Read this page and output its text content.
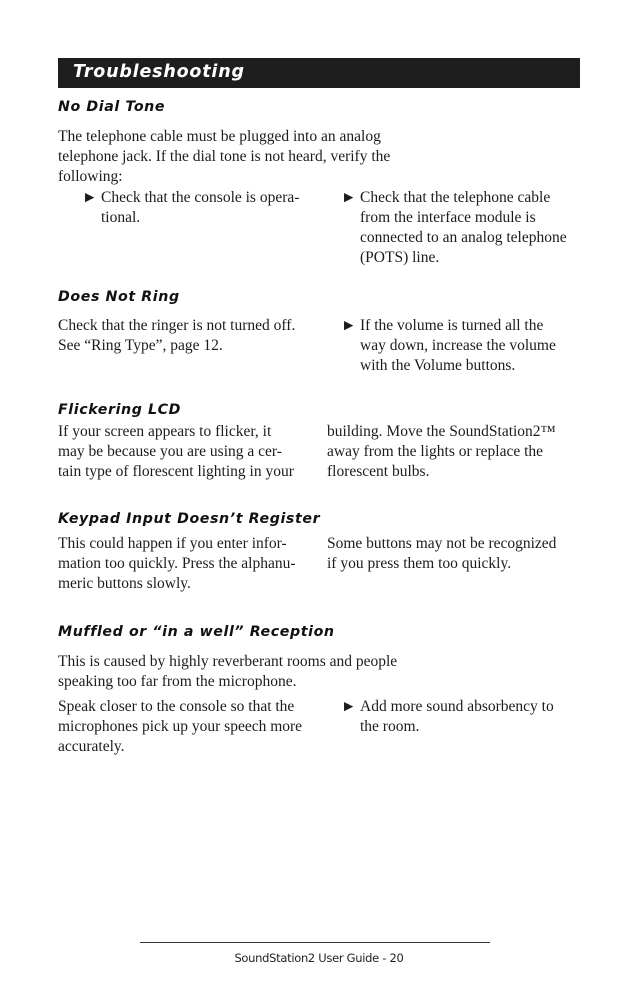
Troubleshooting
No Dial Tone
The telephone cable must be plugged into an analog
telephone jack. If the dial tone is not heard, verify the
following:
► Check that the console is opera-
tional.
► Check that the telephone cable
from the interface module is
connected to an analog telephone
(POTS) line.
Does Not Ring
Check that the ringer is not turned off.
See “Ring Type”, page 12.
► If the volume is turned all the
way down, increase the volume
with the Volume buttons.
Flickering LCD
If your screen appears to flicker, it
may be because you are using a cer-
tain type of florescent lighting in your
building. Move the SoundStation2™
away from the lights or replace the
florescent bulbs.
Keypad Input Doesn’t Register
This could happen if you enter infor-
mation too quickly. Press the alphanu-
meric buttons slowly.
Some buttons may not be recognized
if you press them too quickly.
Muffled or “in a well” Reception
This is caused by highly reverberant rooms and people
speaking too far from the microphone.
Speak closer to the console so that the
microphones pick up your speech more
accurately.
► Add more sound absorbency to
the room.
SoundStation2 User Guide - 20
